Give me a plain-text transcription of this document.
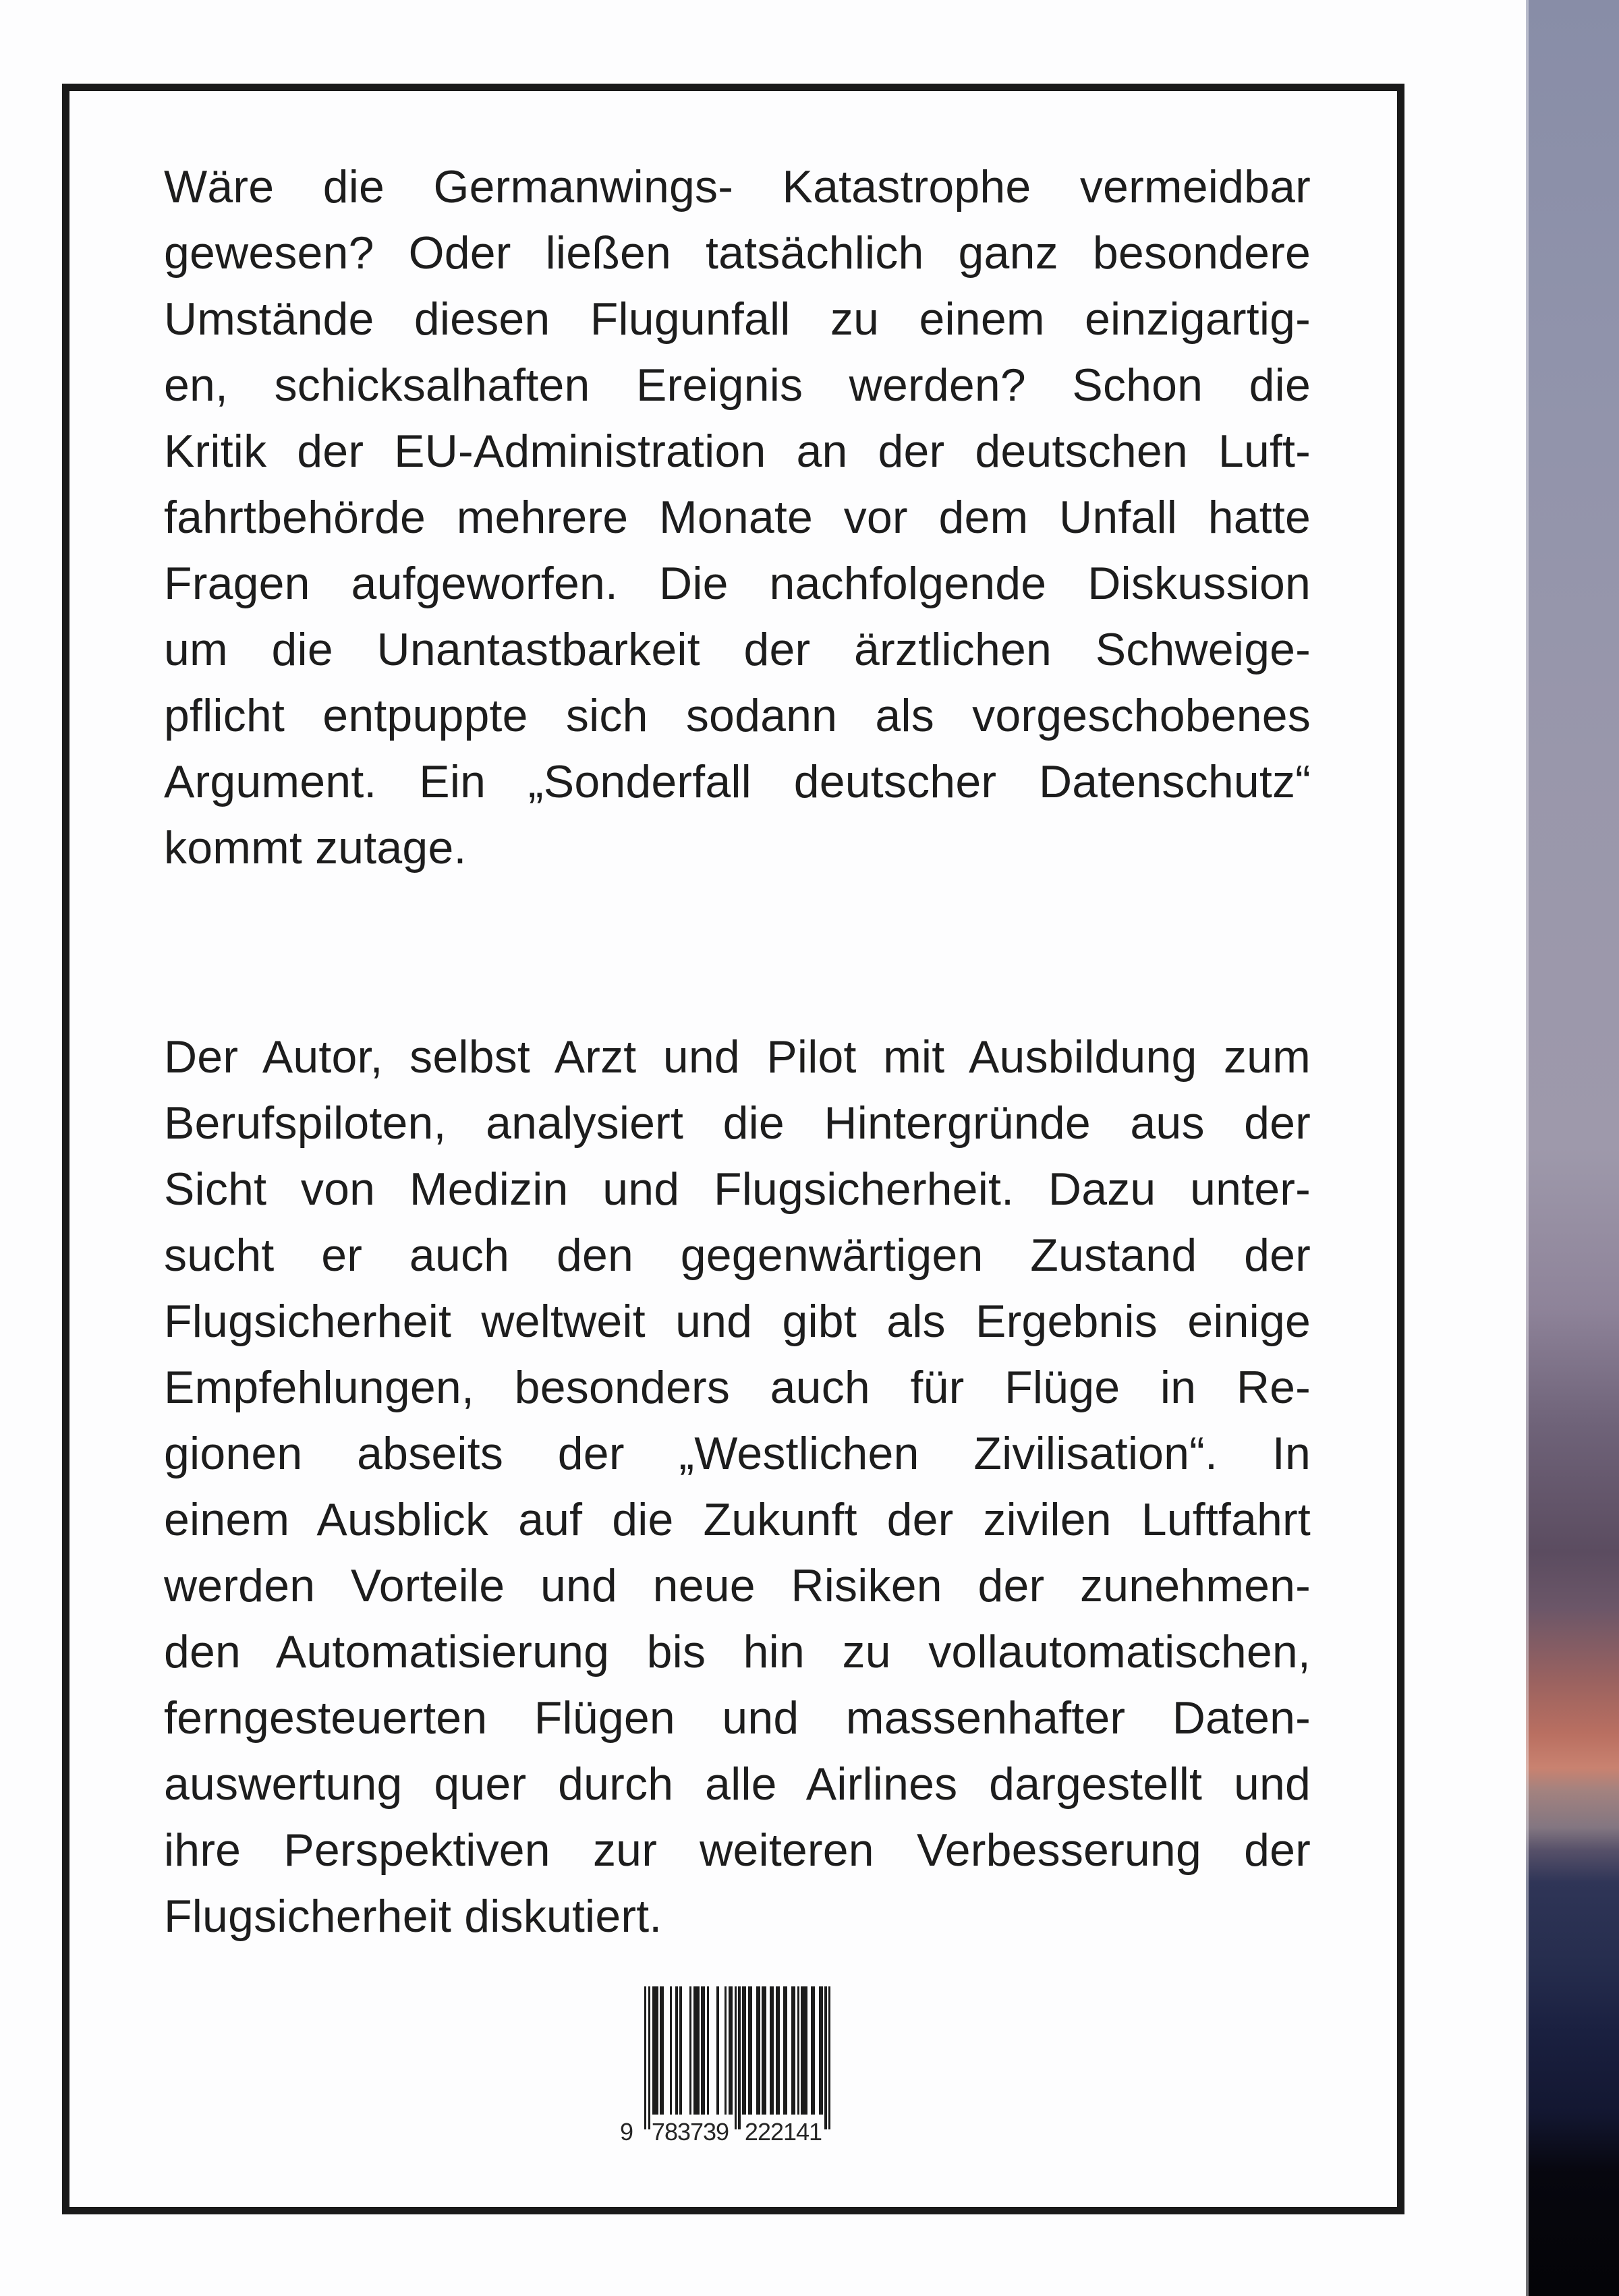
Wäre die Germanwings- Katastrophe vermeidbar
gewesen? Oder ließen tatsächlich ganz besondere
Umstände diesen Flugunfall zu einem einzigartig-
en, schicksalhaften Ereignis werden? Schon die
Kritik der EU-Administration an der deutschen Luft-
fahrtbehörde mehrere Monate vor dem Unfall hatte
Fragen aufgeworfen. Die nachfolgende Diskussion
um die Unantastbarkeit der ärztlichen Schweige-
pflicht entpuppte sich sodann als vorgeschobenes
Argument. Ein „Sonderfall deutscher Datenschutz“
kommt zutage.
Der Autor, selbst Arzt und Pilot mit Ausbildung zum
Berufspiloten, analysiert die Hintergründe aus der
Sicht von Medizin und Flugsicherheit. Dazu unter-
sucht er auch den gegenwärtigen Zustand der
Flugsicherheit weltweit und gibt als Ergebnis einige
Empfehlungen, besonders auch für Flüge in Re-
gionen abseits der „Westlichen Zivilisation“. In
einem Ausblick auf die Zukunft der zivilen Luftfahrt
werden Vorteile und neue Risiken der zunehmen-
den Automatisierung bis hin zu vollautomatischen,
ferngesteuerten Flügen und massenhafter Daten-
auswertung quer durch alle Airlines dargestellt und
ihre Perspektiven zur weiteren Verbesserung der
Flugsicherheit diskutiert.
9 783739 222141
